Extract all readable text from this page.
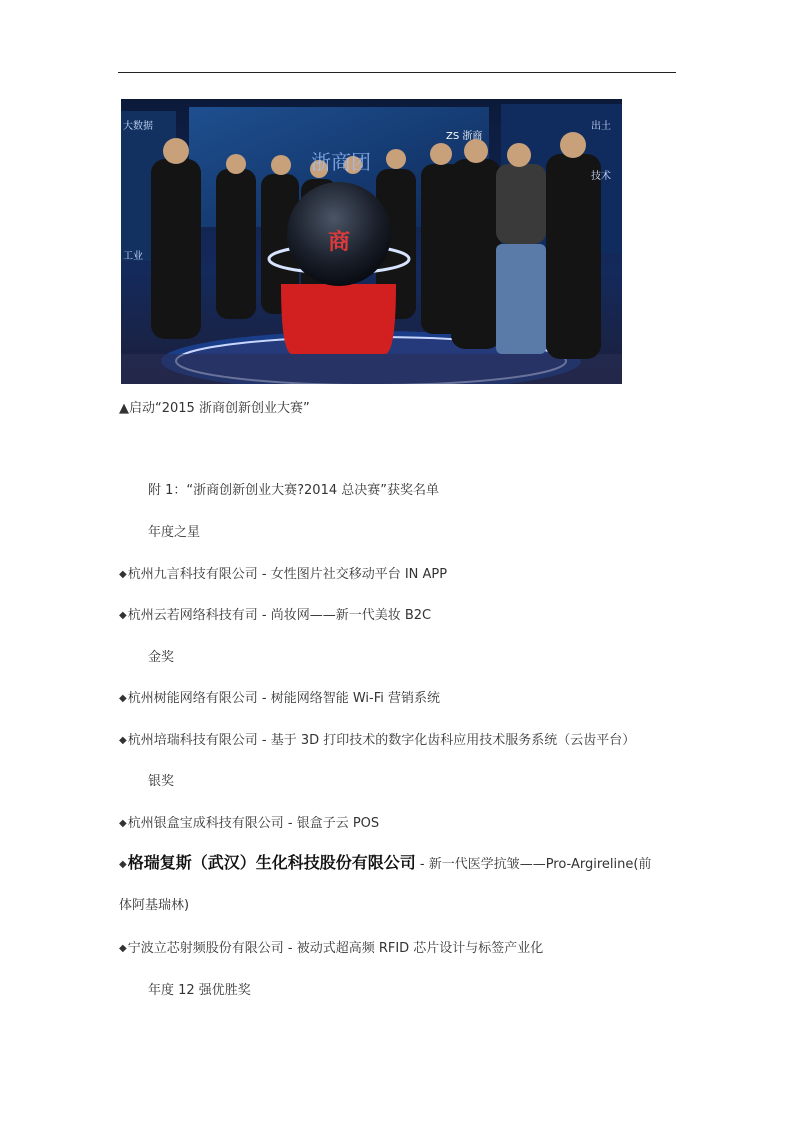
商
ZS 浙商
浙商团
大数据
工业
出土
技术
▲启动“2015 浙商创新创业大赛”
附 1：“浙商创新创业大赛?2014 总决赛”获奖名单
年度之星
◆杭州九言科技有限公司 - 女性图片社交移动平台 IN APP
◆杭州云若网络科技有司 - 尚妆网——新一代美妆 B2C
金奖
◆杭州树能网络有限公司 - 树能网络智能 Wi-Fi 营销系统
◆杭州培瑞科技有限公司 - 基于 3D 打印技术的数字化齿科应用技术服务系统（云齿平台）
银奖
◆杭州银盒宝成科技有限公司 - 银盒子云 POS
◆格瑞复斯（武汉）生化科技股份有限公司 - 新一代医学抗皱——Pro-Argireline(前
体阿基瑞林)
◆宁波立芯射频股份有限公司 - 被动式超高频 RFID 芯片设计与标签产业化
年度 12 强优胜奖
